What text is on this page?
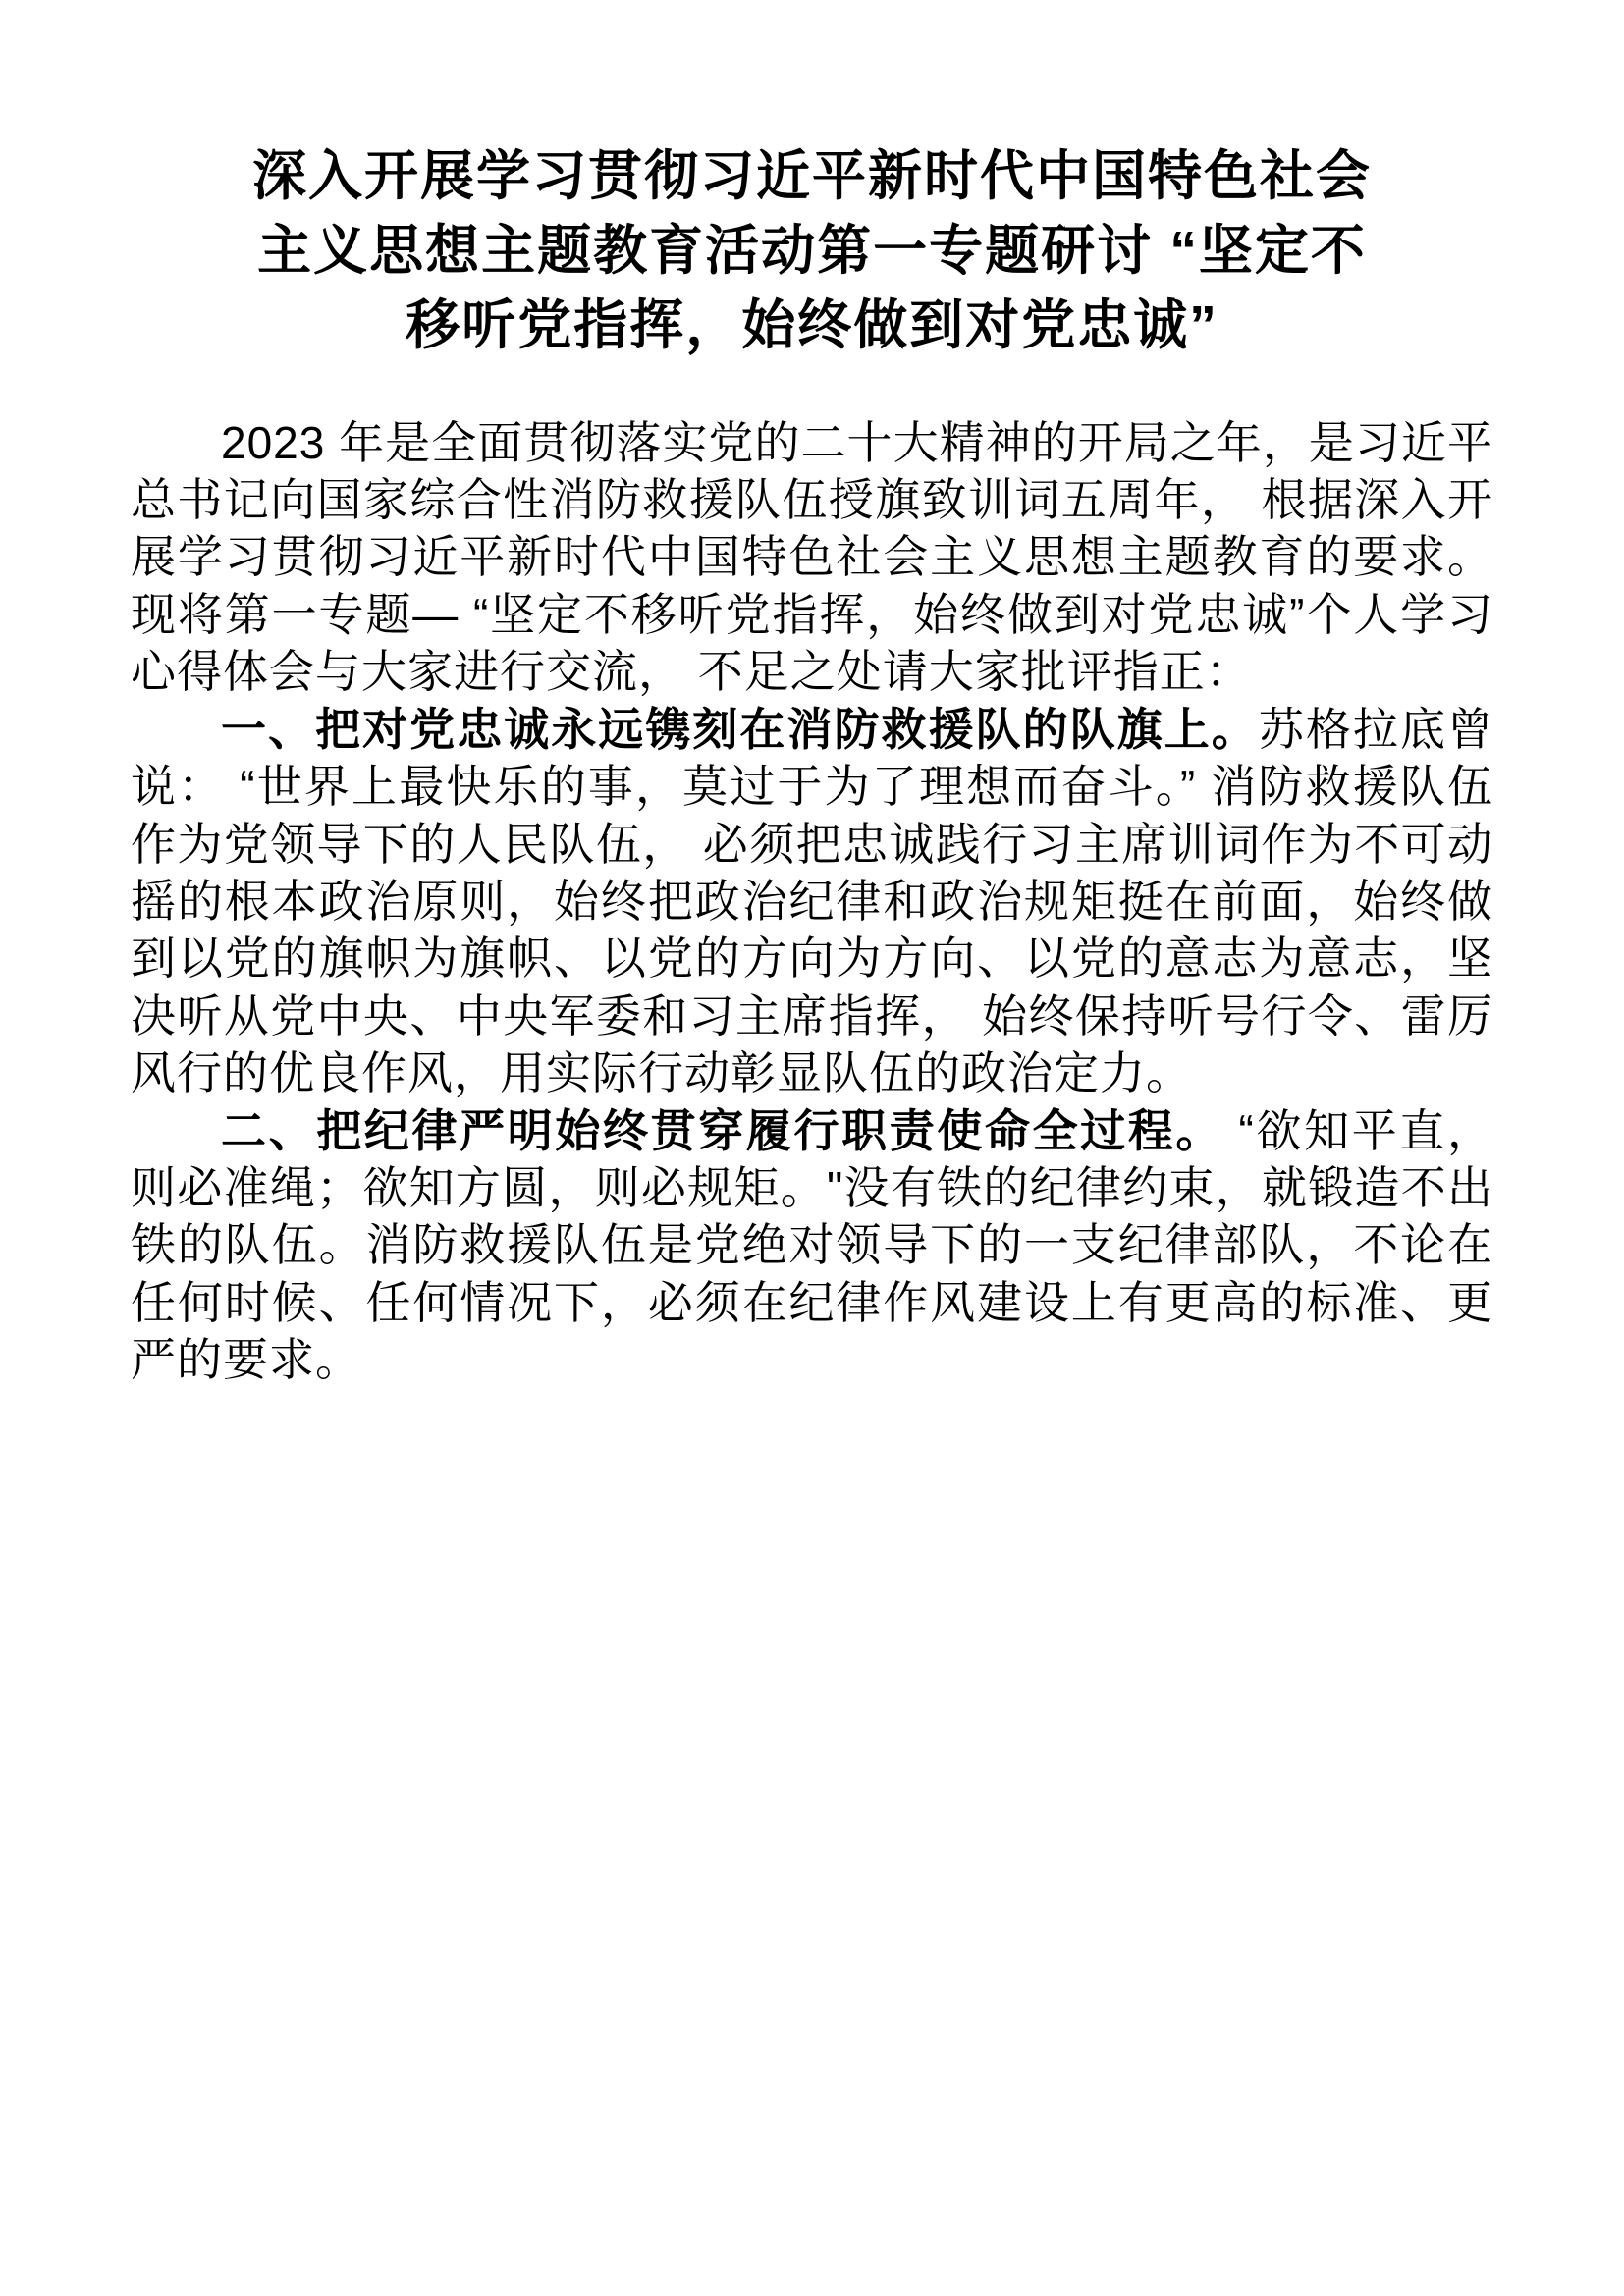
深入开展学习贯彻习近平新时代中国特色社会
主义思想主题教育活动第一专题研讨 “坚定不
移听党指挥，始终做到对党忠诚”

2023 年是全面贯彻落实党的二十大精神的开局之年，是习近平总书记向国家综合性消防救援队伍授旗致训词五周年， 根据深入开展学习贯彻习近平新时代中国特色社会主义思想主题教育的要求。现将第一专题— “坚定不移听党指挥，始终做到对党忠诚”个人学习心得体会与大家进行交流， 不足之处请大家批评指正：

一、把对党忠诚永远镌刻在消防救援队的队旗上。苏格拉底曾说： “世界上最快乐的事，莫过于为了理想而奋斗。” 消防救援队伍作为党领导下的人民队伍， 必须把忠诚践行习主席训词作为不可动摇的根本政治原则，始终把政治纪律和政治规矩挺在前面，始终做到以党的旗帜为旗帜、以党的方向为方向、以党的意志为意志，坚决听从党中央、中央军委和习主席指挥， 始终保持听号行令、雷厉风行的优良作风，用实际行动彰显队伍的政治定力。

二、把纪律严明始终贯穿履行职责使命全过程。 “欲知平直，则必准绳；欲知方圆，则必规矩。"没有铁的纪律约束，就锻造不出铁的队伍。消防救援队伍是党绝对领导下的一支纪律部队，不论在任何时候、任何情况下，必须在纪律作风建设上有更高的标准、更严的要求。
